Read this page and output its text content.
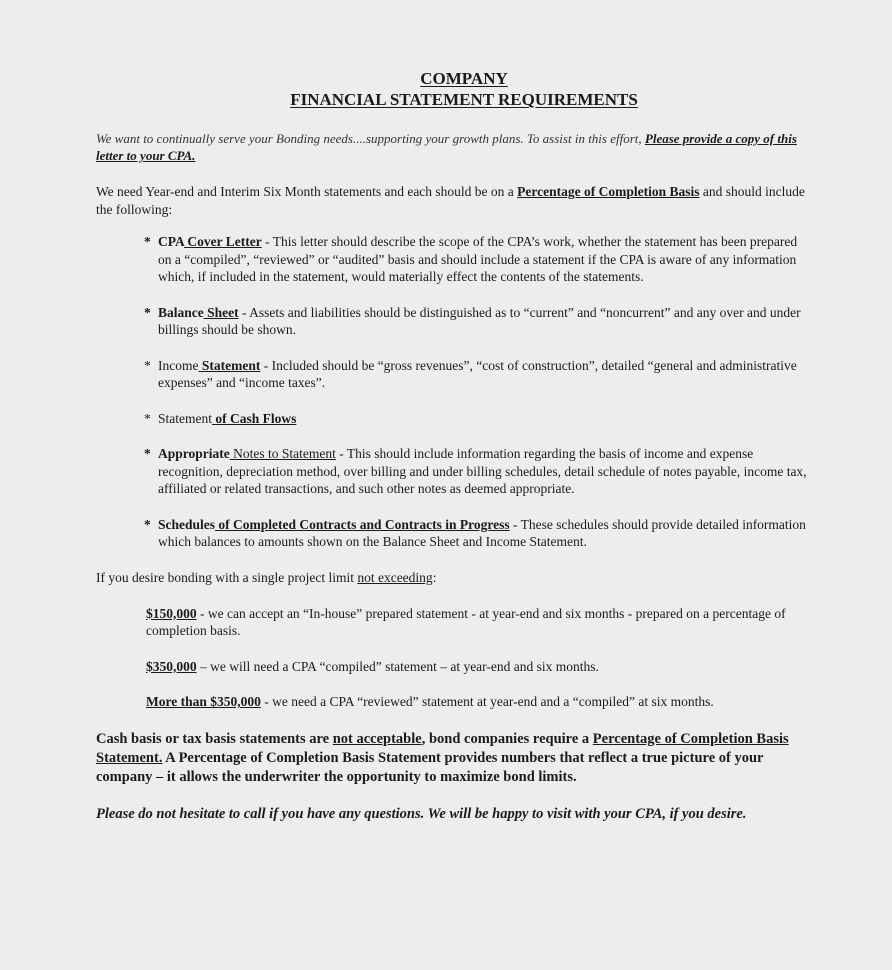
COMPANY
FINANCIAL STATEMENT REQUIREMENTS

We want to continually serve your Bonding needs....supporting your growth plans. To assist in this effort, Please provide a copy of this letter to your CPA.

We need Year-end and Interim Six Month statements and each should be on a Percentage of Completion Basis and should include the following:

* CPA Cover Letter - This letter should describe the scope of the CPA’s work, whether the statement has been prepared on a “compiled”, “reviewed” or “audited” basis and should include a statement if the CPA is aware of any information which, if included in the statement, would materially effect the contents of the statements.
* Balance Sheet - Assets and liabilities should be distinguished as to “current” and “noncurrent” and any over and under billings should be shown.
* Income Statement - Included should be “gross revenues”, “cost of construction”, detailed “general and administrative expenses” and “income taxes”.
* Statement of Cash Flows
* Appropriate Notes to Statement - This should include information regarding the basis of income and expense recognition, depreciation method, over billing and under billing schedules, detail schedule of notes payable, income tax, affiliated or related transactions, and such other notes as deemed appropriate.
* Schedules of Completed Contracts and Contracts in Progress - These schedules should provide detailed information which balances to amounts shown on the Balance Sheet and Income Statement.

If you desire bonding with a single project limit not exceeding:

$150,000 - we can accept an “In-house” prepared statement - at year-end and six months - prepared on a percentage of completion basis.

$350,000 – we will need a CPA “compiled” statement – at year-end and six months.

More than $350,000 - we need a CPA “reviewed” statement at year-end and a “compiled” at six months.

Cash basis or tax basis statements are not acceptable, bond companies require a Percentage of Completion Basis Statement. A Percentage of Completion Basis Statement provides numbers that reflect a true picture of your company – it allows the underwriter the opportunity to maximize bond limits.

Please do not hesitate to call if you have any questions. We will be happy to visit with your CPA, if you desire.
